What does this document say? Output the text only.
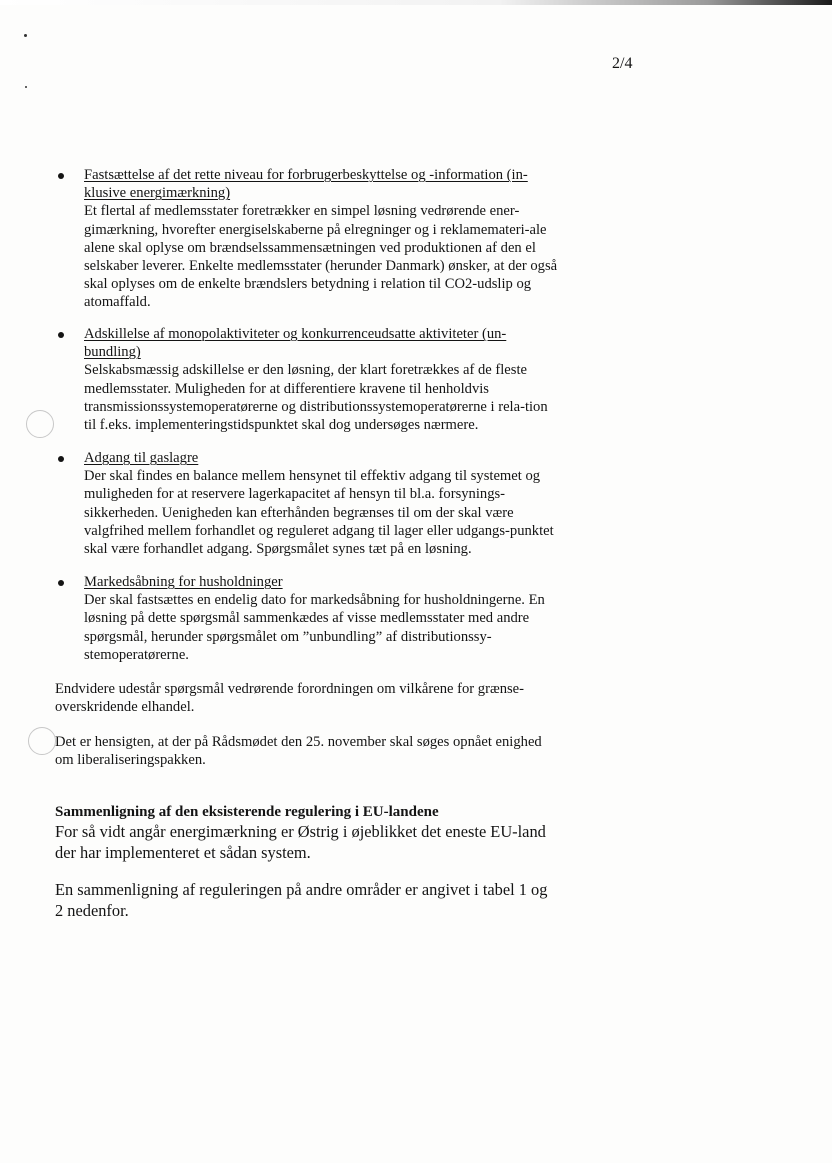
2/4
Fastsættelse af det rette niveau for forbrugerbeskyttelse og -information (in-klusive energimærkning)

Et flertal af medlemsstater foretrækker en simpel løsning vedrørende ener-gimærkning, hvorefter energiselskaberne på elregninger og i reklamemateri-ale alene skal oplyse om brændselssammensætningen ved produktionen af den el selskaber leverer. Enkelte medlemsstater (herunder Danmark) ønsker, at der også skal oplyses om de enkelte brændslers betydning i relation til CO2-udslip og atomaffald.

Adskillelse af monopolaktiviteter og konkurrenceudsatte aktiviteter (un-bundling)

Selskabsmæssig adskillelse er den løsning, der klart foretrækkes af de fleste medlemsstater. Muligheden for at differentiere kravene til henholdvis transmissionssystemoperatørerne og distributionssystemoperatørerne i rela-tion til f.eks. implementeringstidspunktet skal dog undersøges nærmere.

Adgang til gaslagre

Der skal findes en balance mellem hensynet til effektiv adgang til systemet og muligheden for at reservere lagerkapacitet af hensyn til bl.a. forsynings-sikkerheden. Uenigheden kan efterhånden begrænses til om der skal være valgfrihed mellem forhandlet og reguleret adgang til lager eller udgangs-punktet skal være forhandlet adgang. Spørgsmålet synes tæt på en løsning.

Markedsåbning for husholdninger

Der skal fastsættes en endelig dato for markedsåbning for husholdningerne. En løsning på dette spørgsmål sammenkædes af visse medlemsstater med andre spørgsmål, herunder spørgsmålet om ”unbundling” af distributionssy-stemoperatørerne.

Endvidere udestår spørgsmål vedrørende forordningen om vilkårene for grænse-overskridende elhandel.

Det er hensigten, at der på Rådsmødet den 25. november skal søges opnået enighed om liberaliseringspakken.

Sammenligning af den eksisterende regulering i EU-landene

For så vidt angår energimærkning er Østrig i øjeblikket det eneste EU-land der har implementeret et sådan system.

En sammenligning af reguleringen på andre områder er angivet i tabel 1 og 2 nedenfor.
